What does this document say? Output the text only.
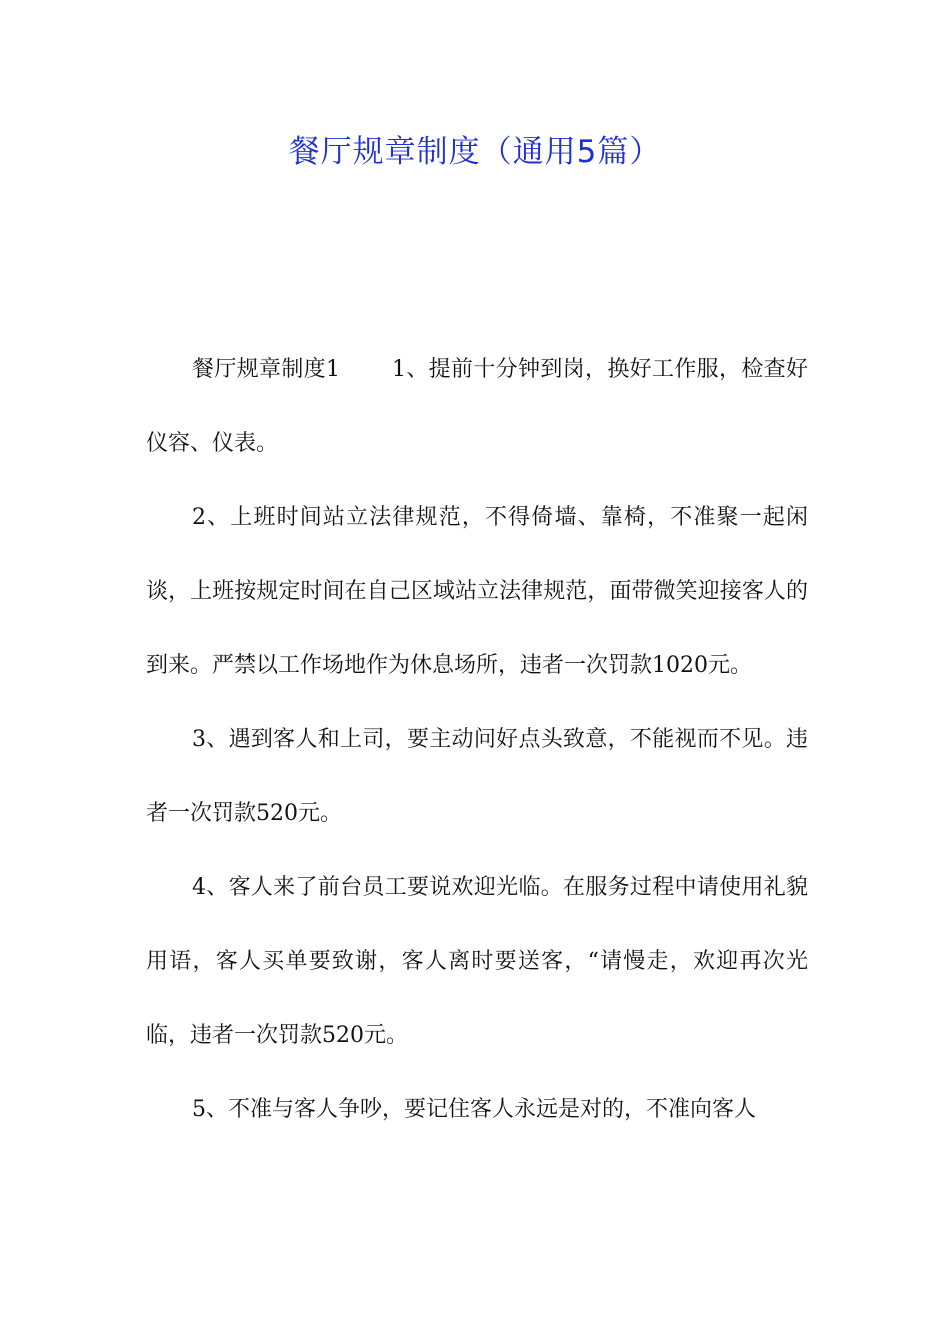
餐厅规章制度（通用5篇）

餐厅规章制度1 1、提前十分钟到岗，换好工作服，检查好仪容、仪表。

2、上班时间站立法律规范，不得倚墙、靠椅，不准聚一起闲谈，上班按规定时间在自己区域站立法律规范，面带微笑迎接客人的到来。严禁以工作场地作为休息场所，违者一次罚款1020元。

3、遇到客人和上司，要主动问好点头致意，不能视而不见。违者一次罚款520元。

4、客人来了前台员工要说欢迎光临。在服务过程中请使用礼貌用语，客人买单要致谢，客人离时要送客，“请慢走，欢迎再次光临，违者一次罚款520元。

5、不准与客人争吵，要记住客人永远是对的，不准向客人
